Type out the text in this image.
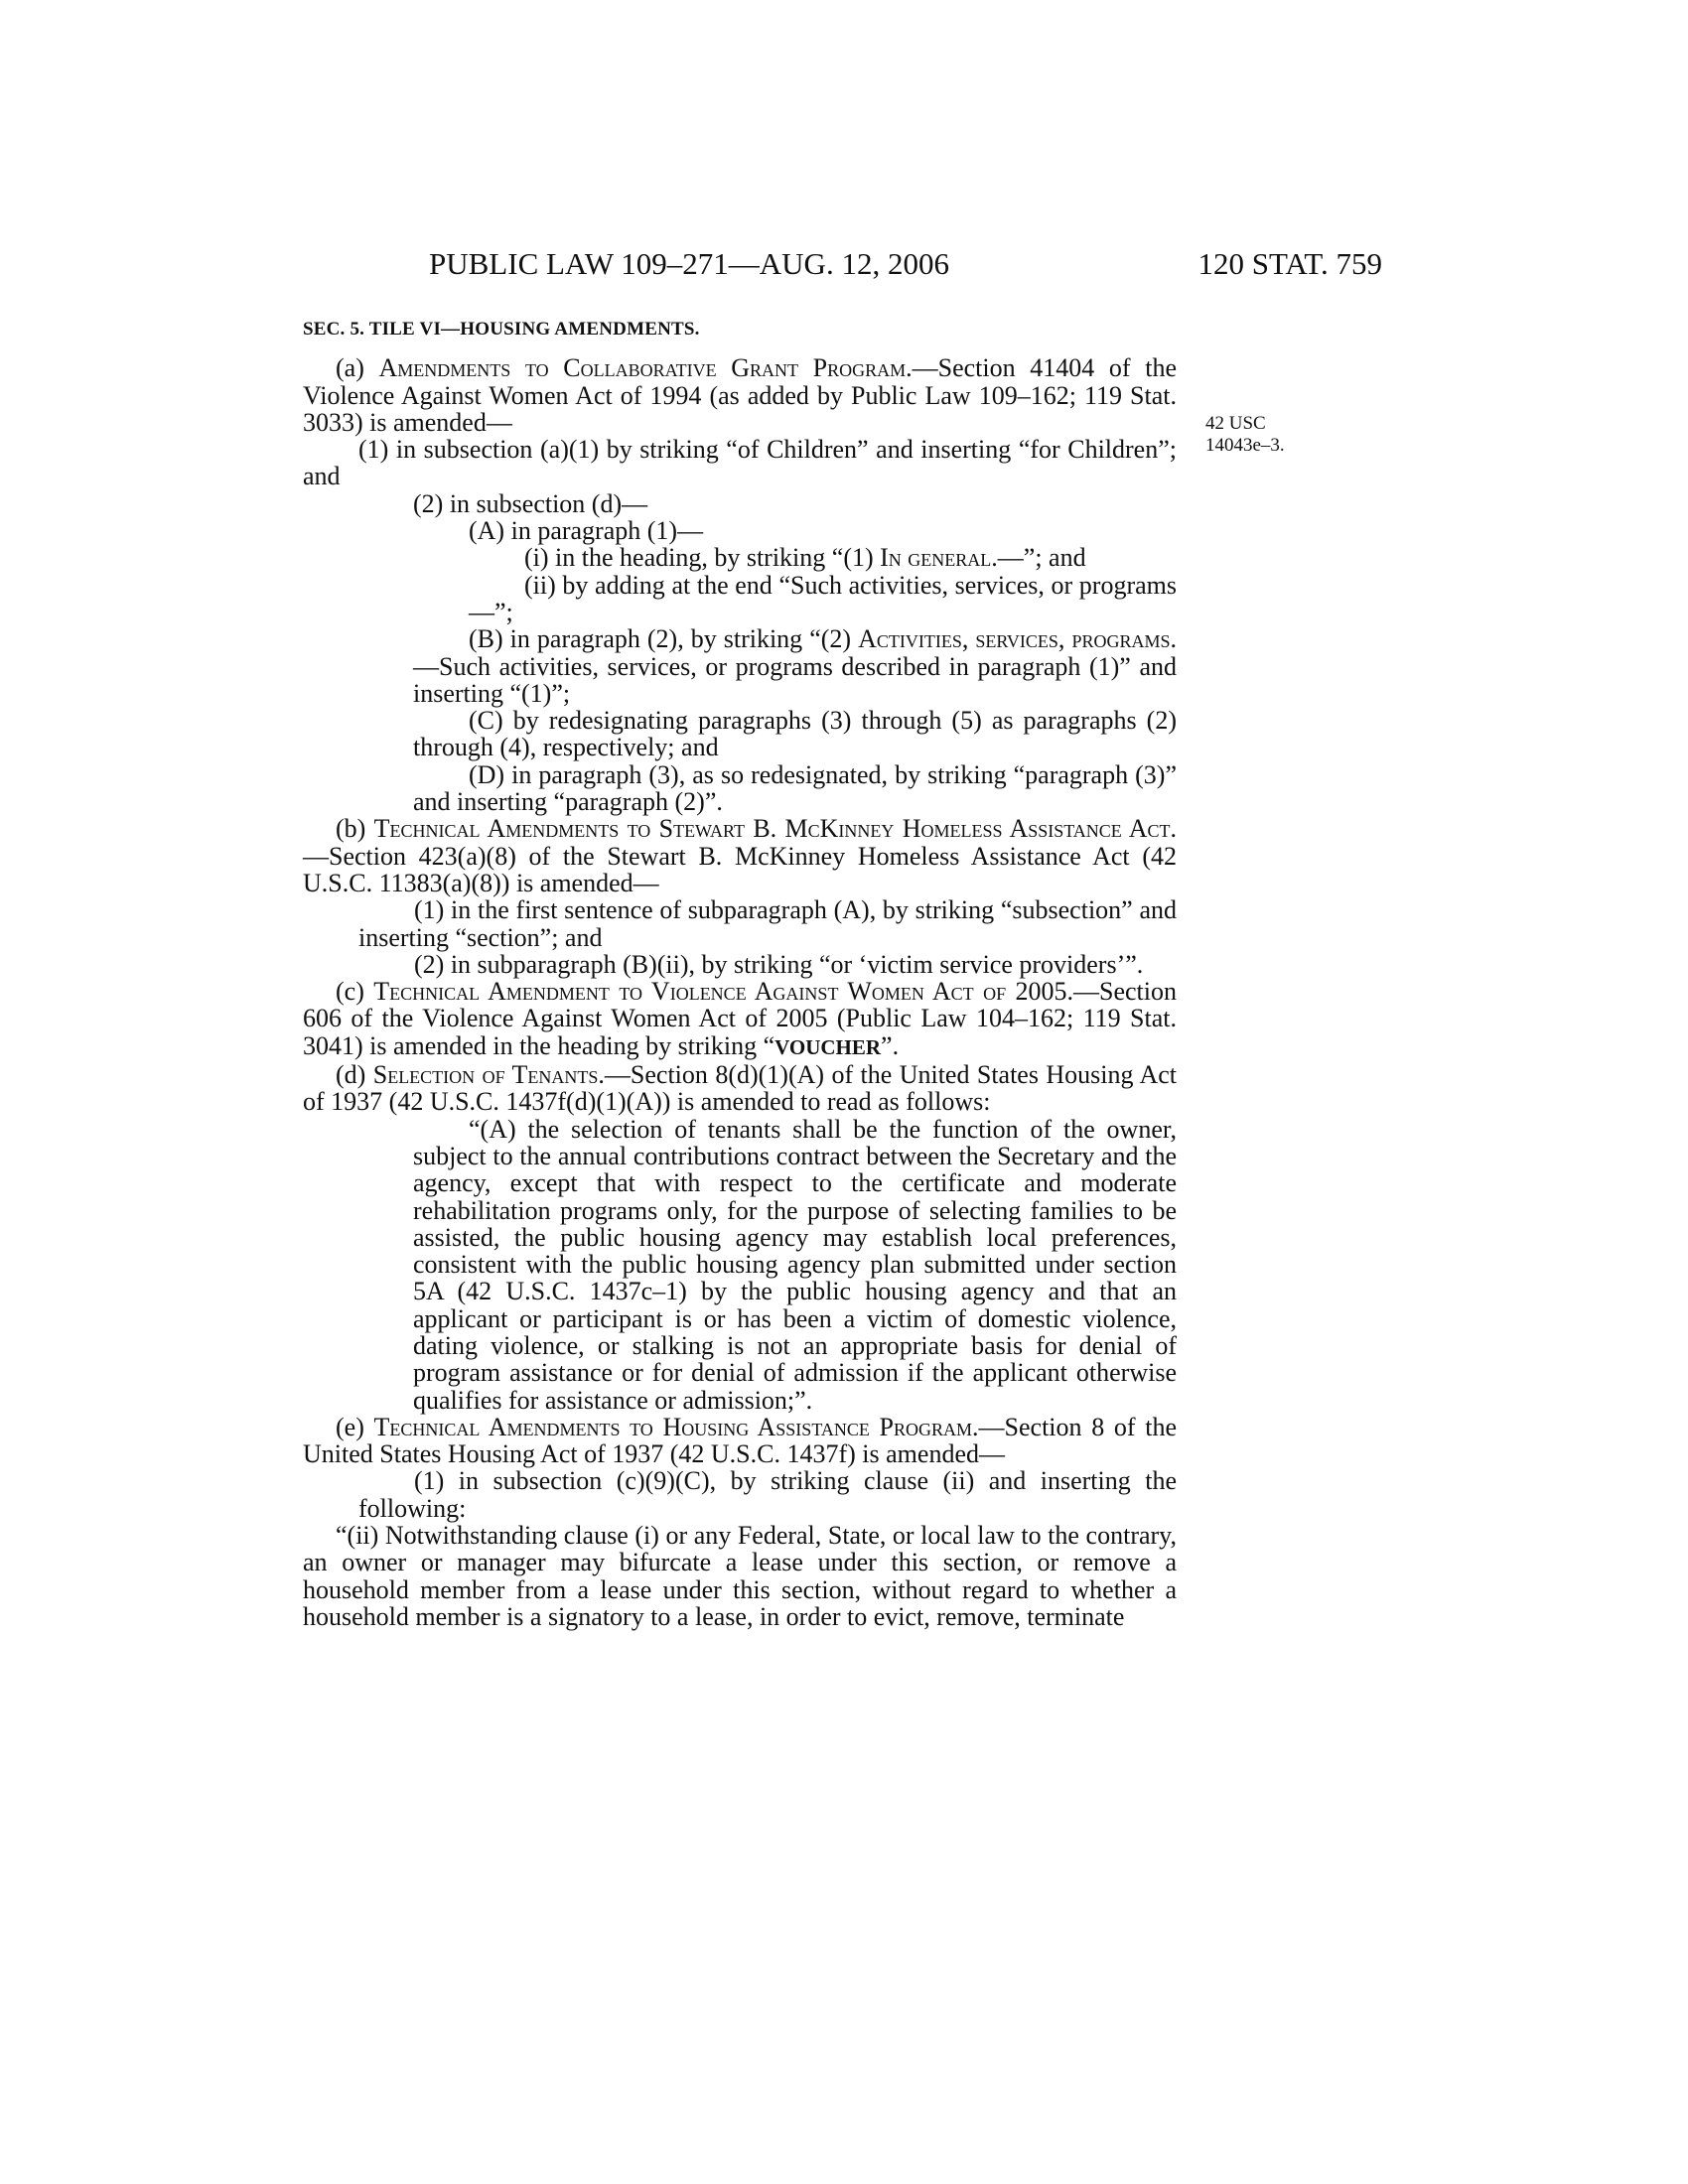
PUBLIC LAW 109–271—AUG. 12, 2006	120 STAT. 759
42 USC
14043e–3.

SEC. 5. TILE VI—HOUSING AMENDMENTS.

(a) Amendments to Collaborative Grant Program.—Section 41404 of the Violence Against Women Act of 1994 (as added by Public Law 109–162; 119 Stat. 3033) is amended—

(1) in subsection (a)(1) by striking “of Children” and inserting “for Children”; and

(2) in subsection (d)—

(A) in paragraph (1)—

(i) in the heading, by striking “(1) In general.—”; and

(ii) by adding at the end “Such activities, services, or programs—”;

(B) in paragraph (2), by striking “(2) Activities, services, programs.—Such activities, services, or programs described in paragraph (1)” and inserting “(1)”;

(C) by redesignating paragraphs (3) through (5) as paragraphs (2) through (4), respectively; and

(D) in paragraph (3), as so redesignated, by striking “paragraph (3)” and inserting “paragraph (2)”.

(b) Technical Amendments to Stewart B. McKinney Homeless Assistance Act.—Section 423(a)(8) of the Stewart B. McKinney Homeless Assistance Act (42 U.S.C. 11383(a)(8)) is amended—

(1) in the first sentence of subparagraph (A), by striking “subsection” and inserting “section”; and

(2) in subparagraph (B)(ii), by striking “or ‘victim service providers’”.

(c) Technical Amendment to Violence Against Women Act of 2005.—Section 606 of the Violence Against Women Act of 2005 (Public Law 104–162; 119 Stat. 3041) is amended in the heading by striking “VOUCHER”.

(d) Selection of Tenants.—Section 8(d)(1)(A) of the United States Housing Act of 1937 (42 U.S.C. 1437f(d)(1)(A)) is amended to read as follows:

“(A) the selection of tenants shall be the function of the owner, subject to the annual contributions contract between the Secretary and the agency, except that with respect to the certificate and moderate rehabilitation programs only, for the purpose of selecting families to be assisted, the public housing agency may establish local preferences, consistent with the public housing agency plan submitted under section 5A (42 U.S.C. 1437c–1) by the public housing agency and that an applicant or participant is or has been a victim of domestic violence, dating violence, or stalking is not an appropriate basis for denial of program assistance or for denial of admission if the applicant otherwise qualifies for assistance or admission;”.

(e) Technical Amendments to Housing Assistance Program.—Section 8 of the United States Housing Act of 1937 (42 U.S.C. 1437f) is amended—

(1) in subsection (c)(9)(C), by striking clause (ii) and inserting the following:

“(ii) Notwithstanding clause (i) or any Federal, State, or local law to the contrary, an owner or manager may bifurcate a lease under this section, or remove a household member from a lease under this section, without regard to whether a household member is a signatory to a lease, in order to evict, remove, terminate
